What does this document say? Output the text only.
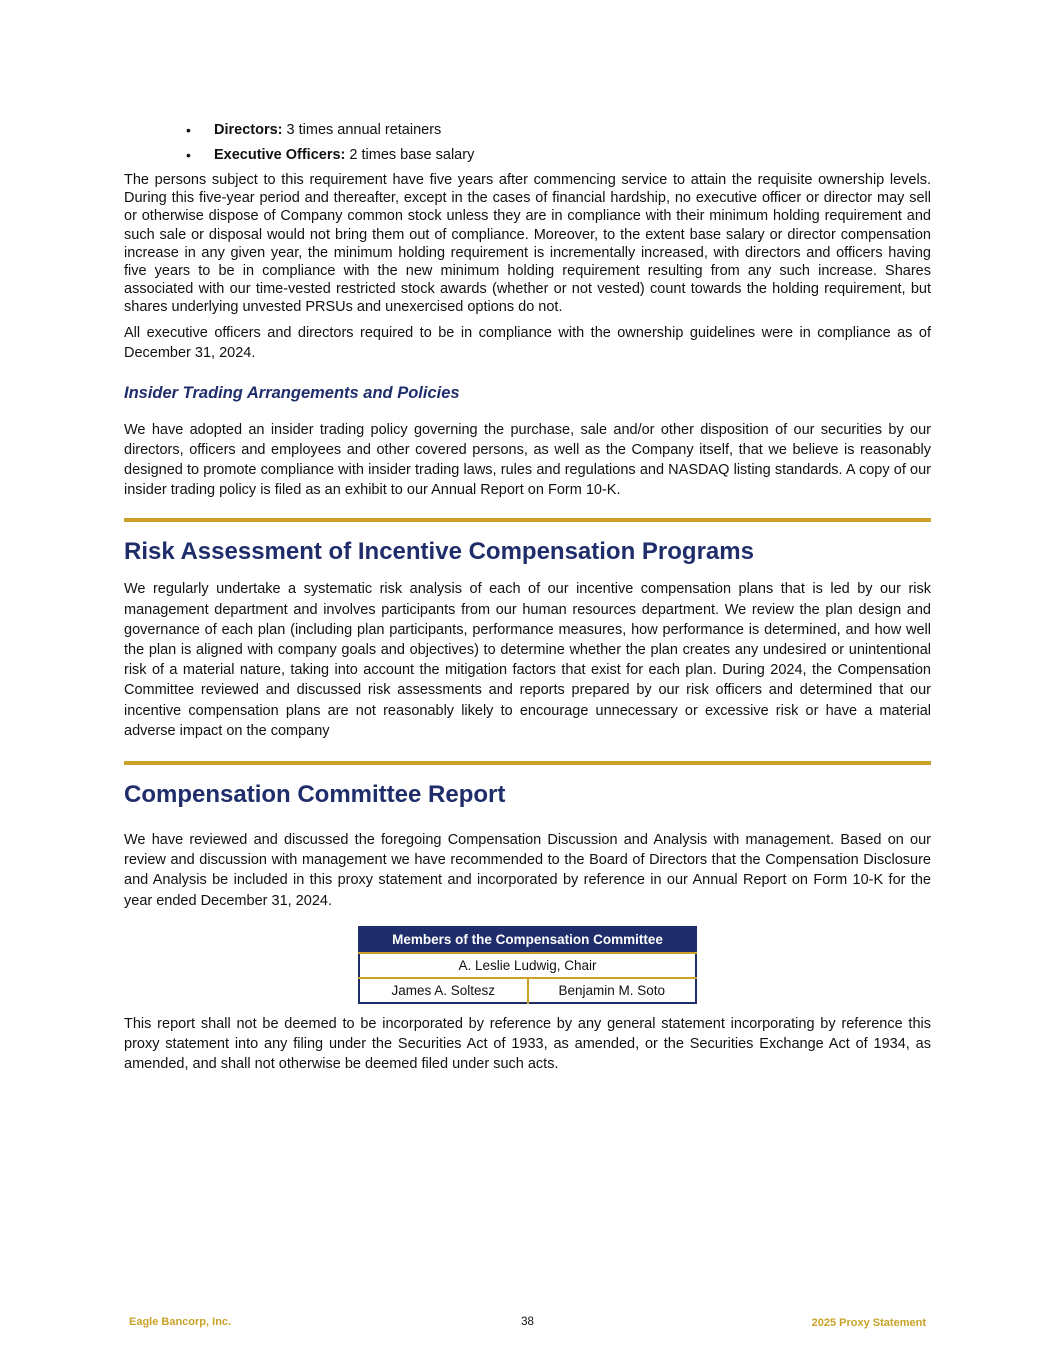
• Directors: 3 times annual retainers
• Executive Officers: 2 times base salary

The persons subject to this requirement have five years after commencing service to attain the requisite ownership levels. During this five-year period and thereafter, except in the cases of financial hardship, no executive officer or director may sell or otherwise dispose of Company common stock unless they are in compliance with their minimum holding requirement and such sale or disposal would not bring them out of compliance. Moreover, to the extent base salary or director compensation increase in any given year, the minimum holding requirement is incrementally increased, with directors and officers having five years to be in compliance with the new minimum holding requirement resulting from any such increase. Shares associated with our time-vested restricted stock awards (whether or not vested) count towards the holding requirement, but shares underlying unvested PRSUs and unexercised options do not.

All executive officers and directors required to be in compliance with the ownership guidelines were in compliance as of December 31, 2024.

Insider Trading Arrangements and Policies

We have adopted an insider trading policy governing the purchase, sale and/or other disposition of our securities by our directors, officers and employees and other covered persons, as well as the Company itself, that we believe is reasonably designed to promote compliance with insider trading laws, rules and regulations and NASDAQ listing standards. A copy of our insider trading policy is filed as an exhibit to our Annual Report on Form 10-K.

Risk Assessment of Incentive Compensation Programs

We regularly undertake a systematic risk analysis of each of our incentive compensation plans that is led by our risk management department and involves participants from our human resources department. We review the plan design and governance of each plan (including plan participants, performance measures, how performance is determined, and how well the plan is aligned with company goals and objectives) to determine whether the plan creates any undesired or unintentional risk of a material nature, taking into account the mitigation factors that exist for each plan. During 2024, the Compensation Committee reviewed and discussed risk assessments and reports prepared by our risk officers and determined that our incentive compensation plans are not reasonably likely to encourage unnecessary or excessive risk or have a material adverse impact on the company

Compensation Committee Report

We have reviewed and discussed the foregoing Compensation Discussion and Analysis with management. Based on our review and discussion with management we have recommended to the Board of Directors that the Compensation Disclosure and Analysis be included in this proxy statement and incorporated by reference in our Annual Report on Form 10-K for the year ended December 31, 2024.

Members of the Compensation Committee
A. Leslie Ludwig, Chair
James A. Soltesz	Benjamin M. Soto

This report shall not be deemed to be incorporated by reference by any general statement incorporating by reference this proxy statement into any filing under the Securities Act of 1933, as amended, or the Securities Exchange Act of 1934, as amended, and shall not otherwise be deemed filed under such acts.

38
Eagle Bancorp, Inc.	2025 Proxy Statement
